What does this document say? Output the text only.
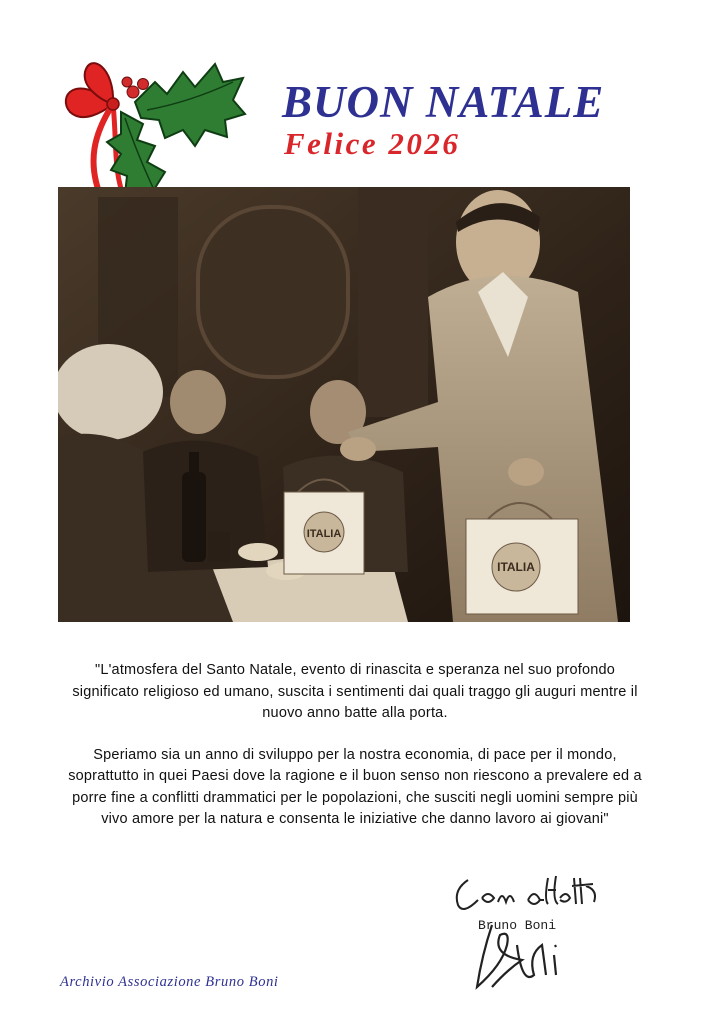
BUON NATALE
Felice 2026
ITALIA
ITALIA

"L'atmosfera del Santo Natale, evento di rinascita e speranza nel suo profondo significato religioso ed umano, suscita i sentimenti dai quali traggo gli auguri mentre il nuovo anno batte alla porta.

Speriamo sia un anno di sviluppo per la nostra economia, di pace per il mondo, soprattutto in quei Paesi dove la ragione e il buon senso non riescono a prevalere ed a porre fine a conflitti drammatici per le popolazioni, che susciti negli uomini sempre più vivo amore per la natura e consenta le iniziative che danno lavoro ai giovani"

Bruno Boni
Archivio Associazione Bruno Boni
